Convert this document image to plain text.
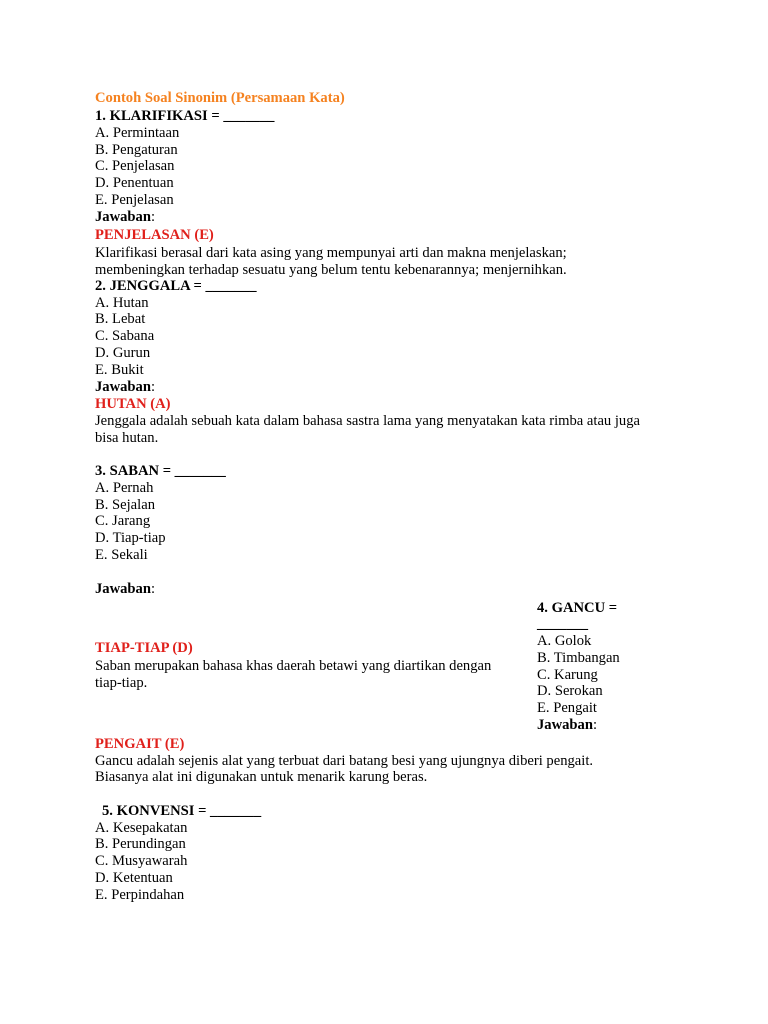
Contoh Soal Sinonim (Persamaan Kata)
1. KLARIFIKASI = _______
A. Permintaan
B. Pengaturan
C. Penjelasan
D. Penentuan
E. Penjelasan
Jawaban:
PENJELASAN (E)
Klarifikasi berasal dari kata asing yang mempunyai arti dan makna menjelaskan;
membeningkan terhadap sesuatu yang belum tentu kebenarannya; menjernihkan.
2. JENGGALA = _______
A. Hutan
B. Lebat
C. Sabana
D. Gurun
E. Bukit
Jawaban:
HUTAN (A)
Jenggala adalah sebuah kata dalam bahasa sastra lama yang menyatakan kata rimba atau juga
bisa hutan.
3. SABAN = _______
A. Pernah
B. Sejalan
C. Jarang
D. Tiap-tiap
E. Sekali
Jawaban:
TIAP-TIAP (D)
Saban merupakan bahasa khas daerah betawi yang diartikan dengan
tiap-tiap.
4. GANCU =
_______
A. Golok
B. Timbangan
C. Karung
D. Serokan
E. Pengait
Jawaban:
PENGAIT (E)
Gancu adalah sejenis alat yang terbuat dari batang besi yang ujungnya diberi pengait.
Biasanya alat ini digunakan untuk menarik karung beras.
5. KONVENSI = _______
A. Kesepakatan
B. Perundingan
C. Musyawarah
D. Ketentuan
E. Perpindahan
